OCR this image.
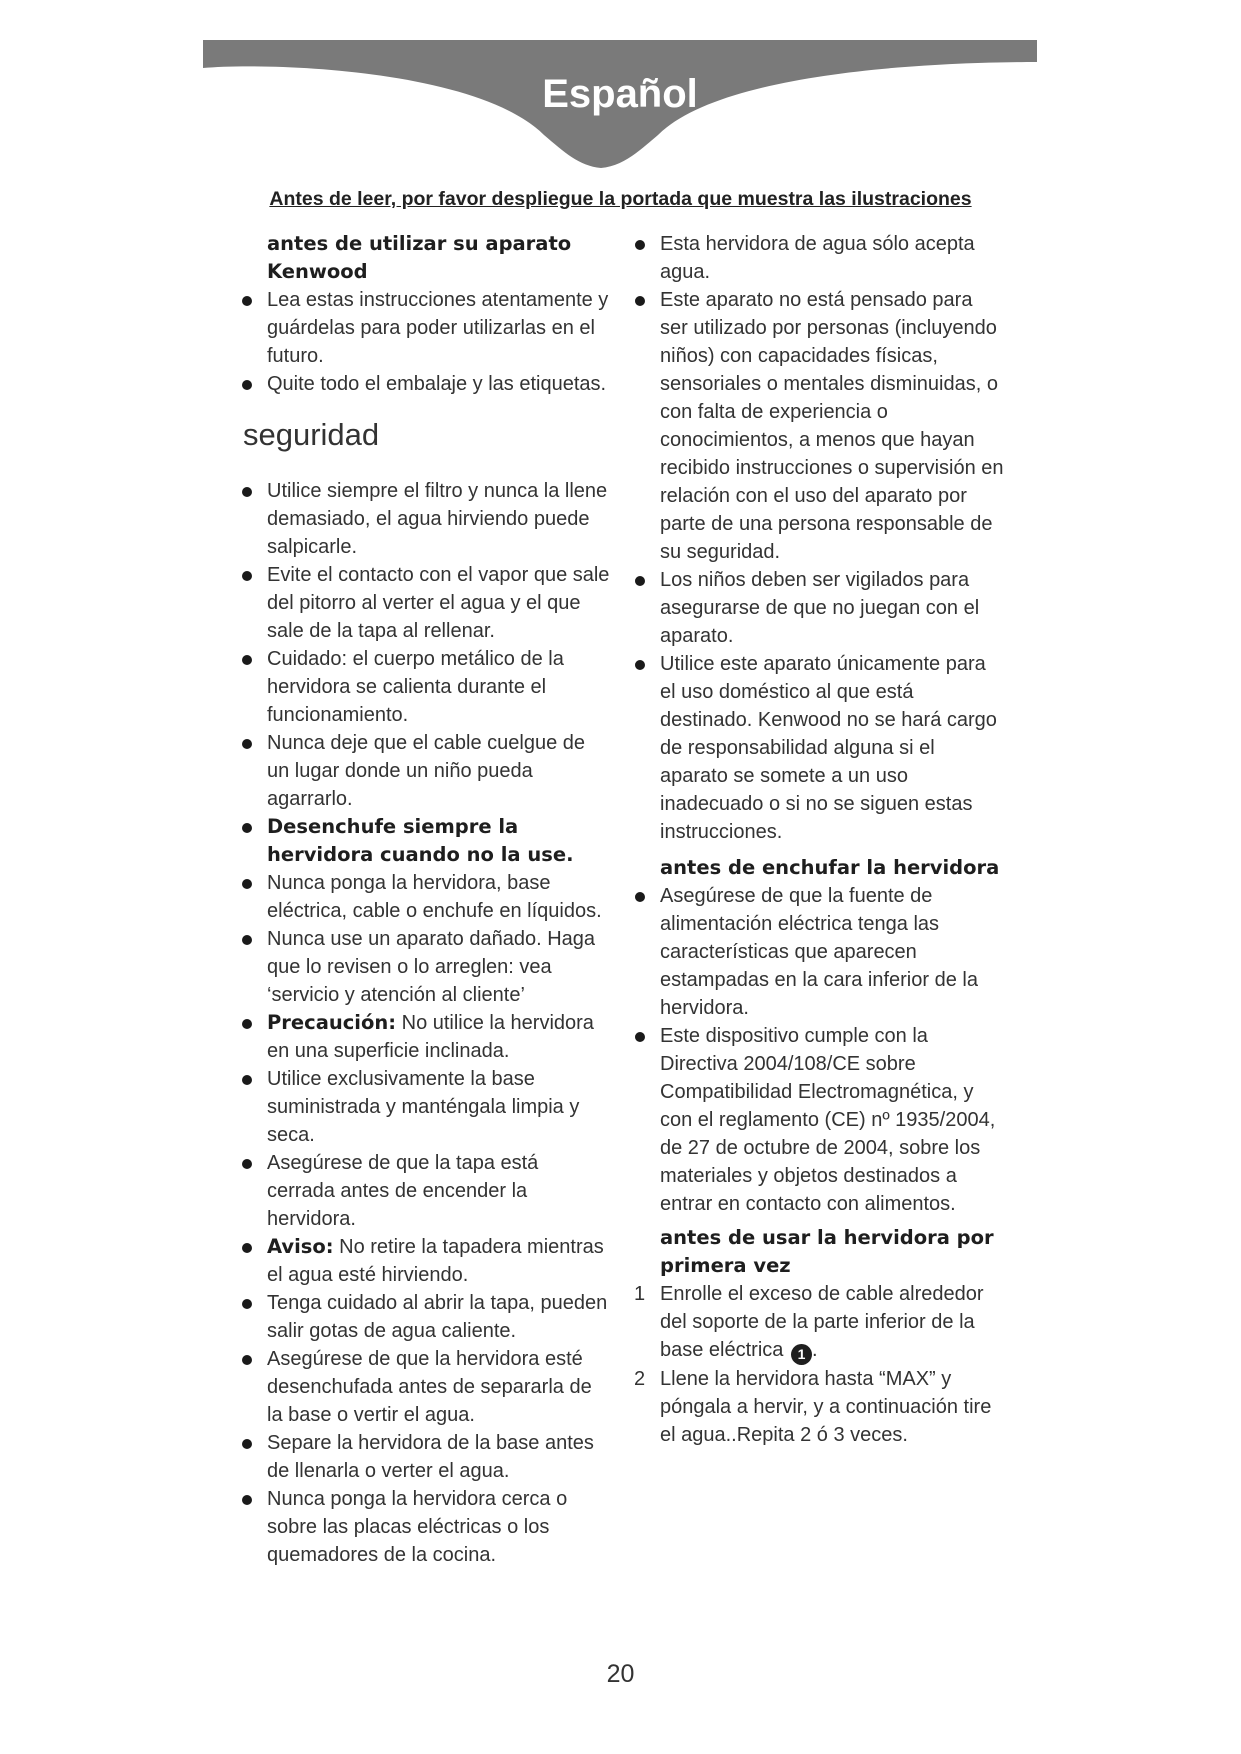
Español

Antes de leer, por favor despliegue la portada que muestra las ilustraciones

antes de utilizar su aparato Kenwood

Lea estas instrucciones atentamente y guárdelas para poder utilizarlas en el futuro.
Quite todo el embalaje y las etiquetas.
seguridad
Utilice siempre el filtro y nunca la llene demasiado, el agua hirviendo puede salpicarle.
Evite el contacto con el vapor que sale del pitorro al verter el agua y el que sale de la tapa al rellenar.
Cuidado: el cuerpo metálico de la hervidora se calienta durante el funcionamiento.
Nunca deje que el cable cuelgue de un lugar donde un niño pueda agarrarlo.
Desenchufe siempre la hervidora cuando no la use.
Nunca ponga la hervidora, base eléctrica, cable o enchufe en líquidos.
Nunca use un aparato dañado. Haga que lo revisen o lo arreglen: vea ‘servicio y atención al cliente’
Precaución: No utilice la hervidora en una superficie inclinada.
Utilice exclusivamente la base suministrada y manténgala limpia y seca.
Asegúrese de que la tapa está cerrada antes de encender la hervidora.
Aviso: No retire la tapadera mientras el agua esté hirviendo.
Tenga cuidado al abrir la tapa, pueden salir gotas de agua caliente.
Asegúrese de que la hervidora esté desenchufada antes de separarla de la base o vertir el agua.
Separe la hervidora de la base antes de llenarla o verter el agua.
Nunca ponga la hervidora cerca o sobre las placas eléctricas o los quemadores de la cocina.
Esta hervidora de agua sólo acepta agua.
Este aparato no está pensado para ser utilizado por personas (incluyendo niños) con capacidades físicas, sensoriales o mentales disminuidas, o con falta de experiencia o conocimientos, a menos que hayan recibido instrucciones o supervisión en relación con el uso del aparato por parte de una persona responsable de su seguridad.
Los niños deben ser vigilados para asegurarse de que no juegan con el aparato.
Utilice este aparato únicamente para el uso doméstico al que está destinado. Kenwood no se hará cargo de responsabilidad alguna si el aparato se somete a un uso inadecuado o si no se siguen estas instrucciones.

antes de enchufar la hervidora

Asegúrese de que la fuente de alimentación eléctrica tenga las características que aparecen estampadas en la cara inferior de la hervidora.
Este dispositivo cumple con la Directiva 2004/108/CE sobre Compatibilidad Electromagnética, y con el reglamento (CE) nº 1935/2004, de 27 de octubre de 2004, sobre los materiales y objetos destinados a entrar en contacto con alimentos.

antes de usar la hervidora por primera vez

1 Enrolle el exceso de cable alrededor del soporte de la parte inferior de la base eléctrica 1 .
2 Llene la hervidora hasta “MAX” y póngala a hervir, y a continuación tire el agua..Repita 2 ó 3 veces.

20
